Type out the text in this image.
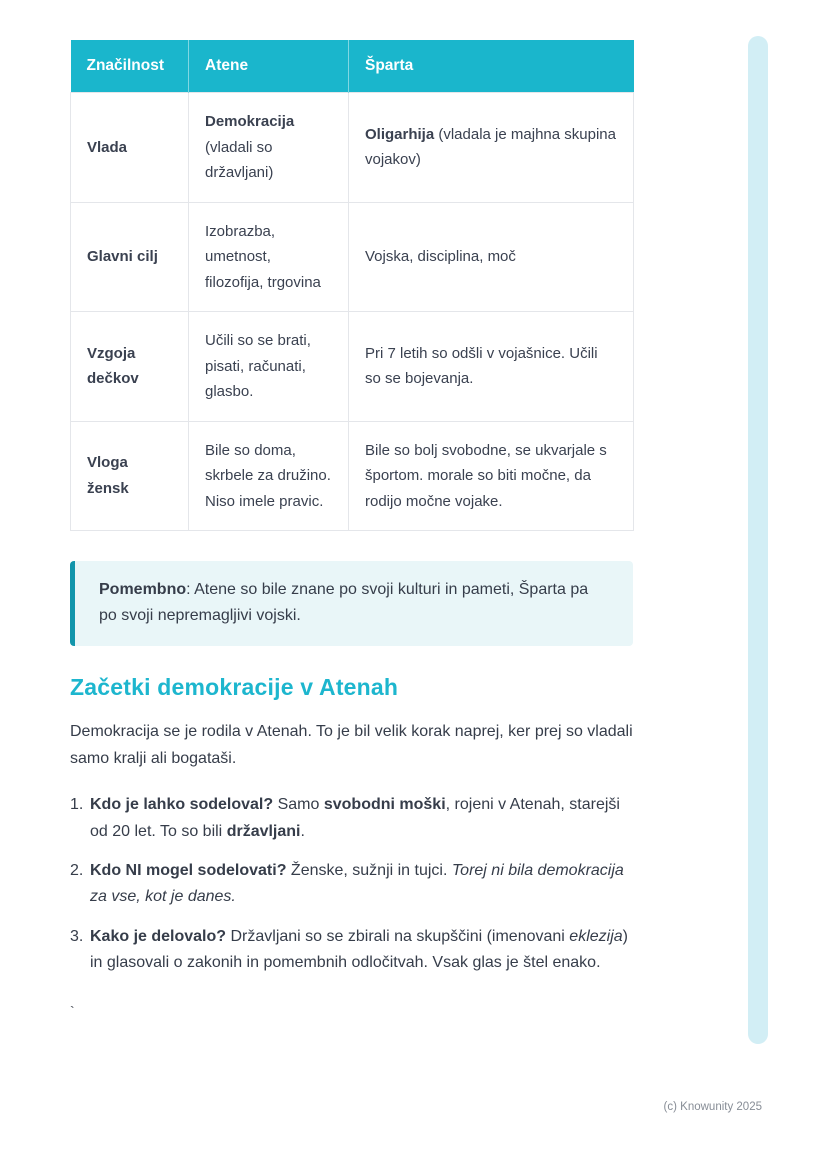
Značilnost	Atene	Šparta
Vlada	Demokracija (vladali so državljani)	Oligarhija (vladala je majhna skupina vojakov)
Glavni cilj	Izobrazba, umetnost, filozofija, trgovina	Vojska, disciplina, moč
Vzgoja dečkov	Učili so se brati, pisati, računati, glasbo.	Pri 7 letih so odšli v vojašnice. Učili so se bojevanja.
Vloga žensk	Bile so doma, skrbele za družino. Niso imele pravic.	Bile so bolj svobodne, se ukvarjale s športom. morale so biti močne, da rodijo močne vojake.
Pomembno: Atene so bile znane po svoji kulturi in pameti, Šparta pa po svoji nepremagljivi vojski.
Začetki demokracije v Atenah

Demokracija se je rodila v Atenah. To je bil velik korak naprej, ker prej so vladali samo kralji ali bogataši.

1. Kdo je lahko sodeloval? Samo svobodni moški, rojeni v Atenah, starejši od 20 let. To so bili državljani.
2. Kdo NI mogel sodelovati? Ženske, sužnji in tujci. Torej ni bila demokracija za vse, kot je danes.
3. Kako je delovalo? Državljani so se zbirali na skupščini (imenovani eklezija) in glasovali o zakonih in pomembnih odločitvah. Vsak glas je štel enako.
`
(c) Knowunity 2025
